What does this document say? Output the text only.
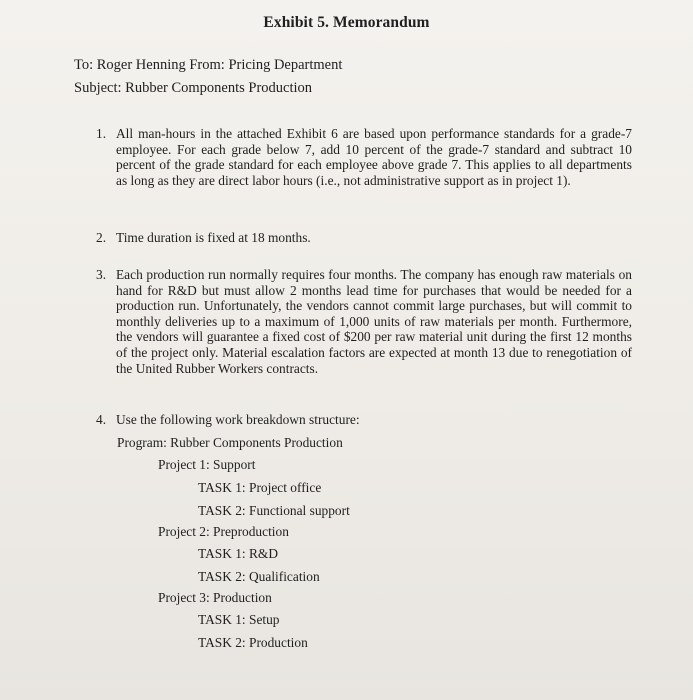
Exhibit 5. Memorandum
To: Roger Henning From: Pricing Department
Subject: Rubber Components Production
1. All man-hours in the attached Exhibit 6 are based upon performance standards for a grade-7 employee. For each grade below 7, add 10 percent of the grade-7 standard and subtract 10 percent of the grade standard for each employee above grade 7. This applies to all departments as long as they are direct labor hours (i.e., not administrative support as in project 1).
2. Time duration is fixed at 18 months.
3. Each production run normally requires four months. The company has enough raw materials on hand for R&D but must allow 2 months lead time for purchases that would be needed for a production run. Unfortunately, the vendors cannot commit large purchases, but will commit to monthly deliveries up to a maximum of 1,000 units of raw materials per month. Furthermore, the vendors will guarantee a fixed cost of $200 per raw material unit during the first 12 months of the project only. Material escalation factors are expected at month 13 due to renegotiation of the United Rubber Workers contracts.
4. Use the following work breakdown structure:
Program: Rubber Components Production
Project 1: Support
TASK 1: Project office
TASK 2: Functional support
Project 2: Preproduction
TASK 1: R&D
TASK 2: Qualification
Project 3: Production
TASK 1: Setup
TASK 2: Production
